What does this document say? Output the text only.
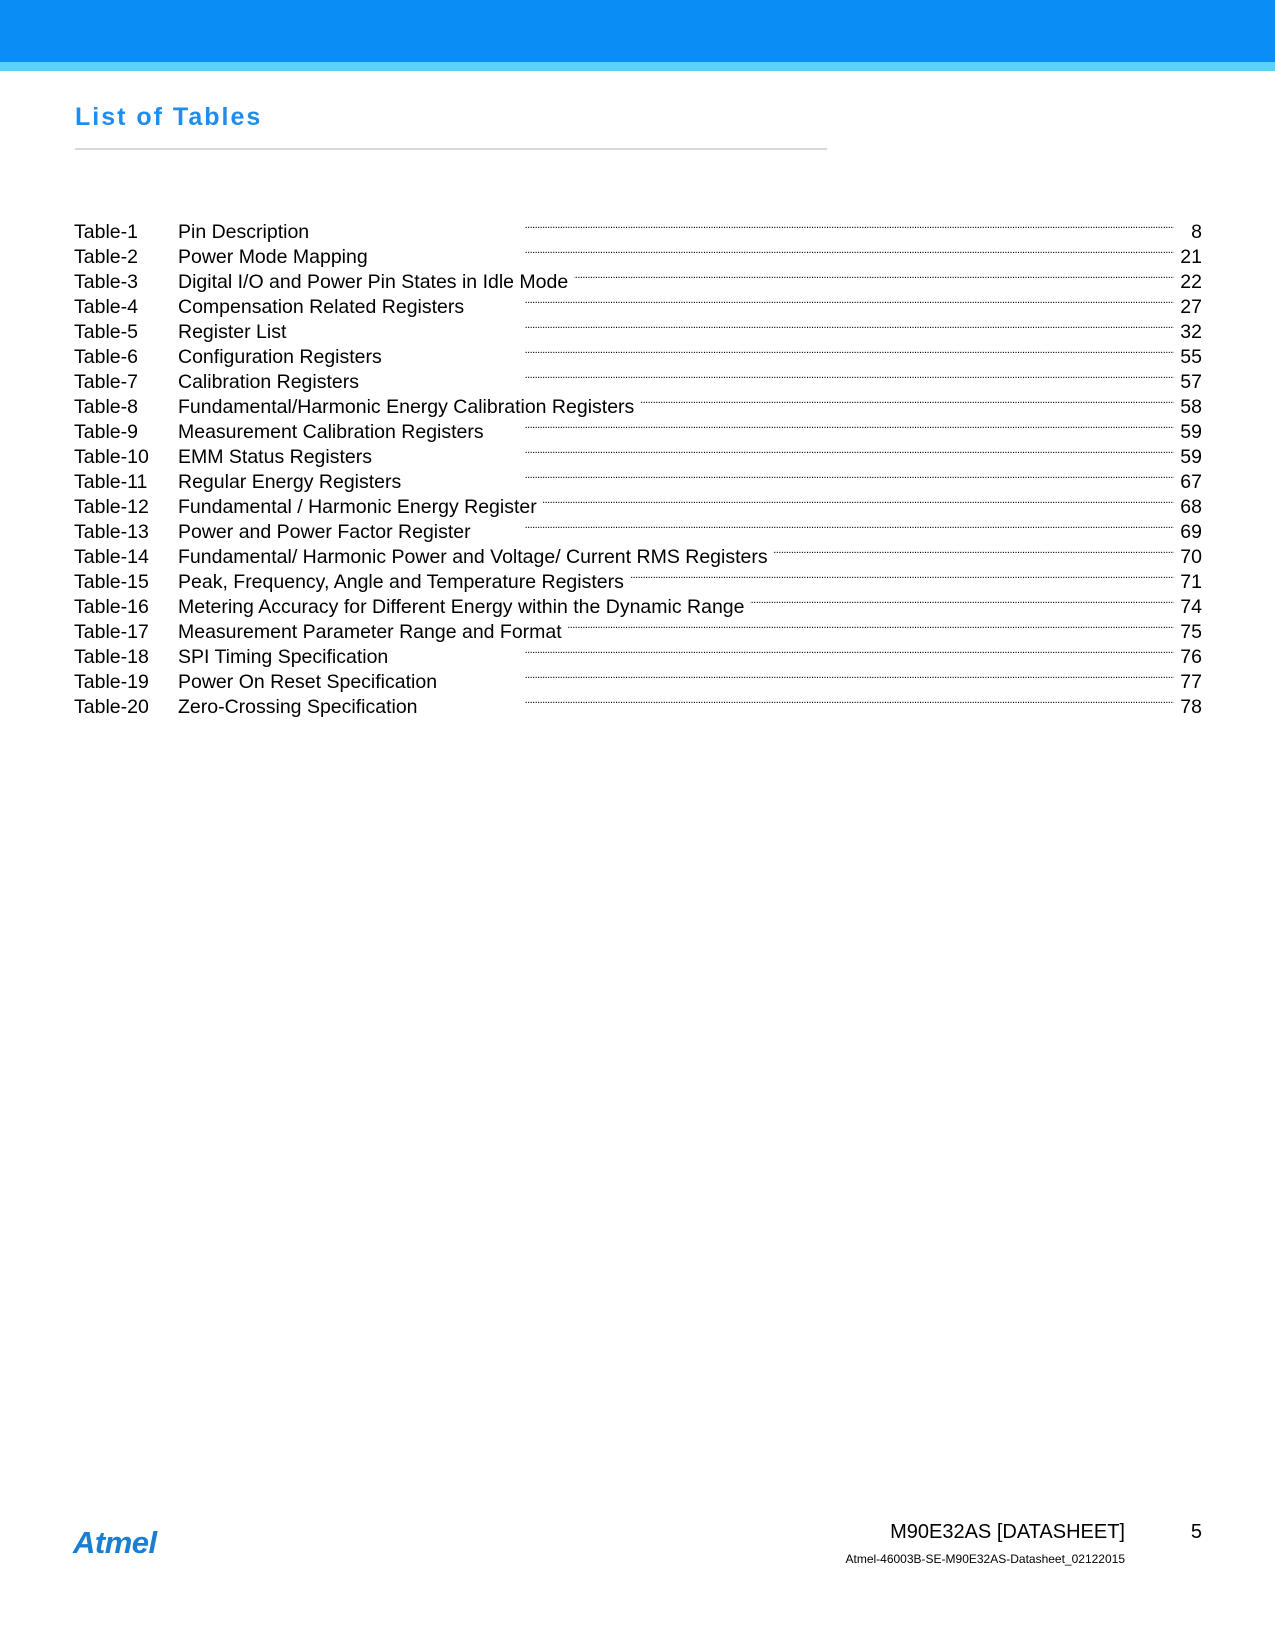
List of Tables
Table-1	Pin Description . . .	8
Table-2	Power Mode Mapping . . .	21
Table-3	Digital I/O and Power Pin States in Idle Mode . . .	22
Table-4	Compensation Related Registers . . .	27
Table-5	Register List . . .	32
Table-6	Configuration Registers . . .	55
Table-7	Calibration Registers . . .	57
Table-8	Fundamental/Harmonic Energy Calibration Registers . . .	58
Table-9	Measurement Calibration Registers . . .	59
Table-10	EMM Status Registers . . .	59
Table-11	Regular Energy Registers . . .	67
Table-12	Fundamental / Harmonic Energy Register . . .	68
Table-13	Power and Power Factor Register . . .	69
Table-14	Fundamental/ Harmonic Power and Voltage/ Current RMS Registers . . .	70
Table-15	Peak, Frequency, Angle and Temperature Registers . . .	71
Table-16	Metering Accuracy for Different Energy within the Dynamic Range . . .	74
Table-17	Measurement Parameter Range and Format . . .	75
Table-18	SPI Timing Specification . . .	76
Table-19	Power On Reset Specification . . .	77
Table-20	Zero-Crossing Specification . . .	78
Atmel	M90E32AS [DATASHEET]	5
Atmel-46003B-SE-M90E32AS-Datasheet_02122015
